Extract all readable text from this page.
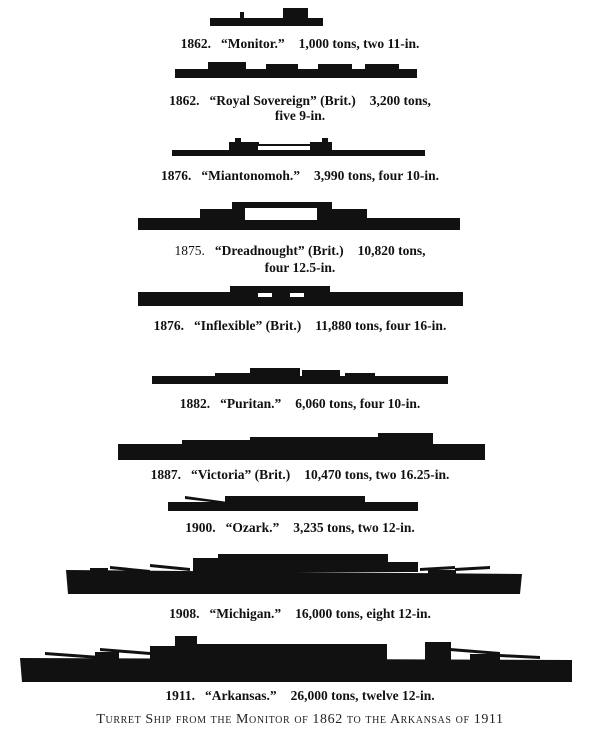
1862. “Monitor.” 1,000 tons, two 11-in.
1862. “Royal Sovereign” (Brit.) 3,200 tons,
five 9-in.
1876. “Miantonomoh.” 3,990 tons, four 10-in.
1875. “Dreadnought” (Brit.) 10,820 tons,
four 12.5-in.
1876. “Inflexible” (Brit.) 11,880 tons, four 16-in.
1882. “Puritan.” 6,060 tons, four 10-in.
1887. “Victoria” (Brit.) 10,470 tons, two 16.25-in.
1900. “Ozark.” 3,235 tons, two 12-in.
1908. “Michigan.” 16,000 tons, eight 12-in.
1911. “Arkansas.” 26,000 tons, twelve 12-in.
Turret Ship from the Monitor of 1862 to the Arkansas of 1911
